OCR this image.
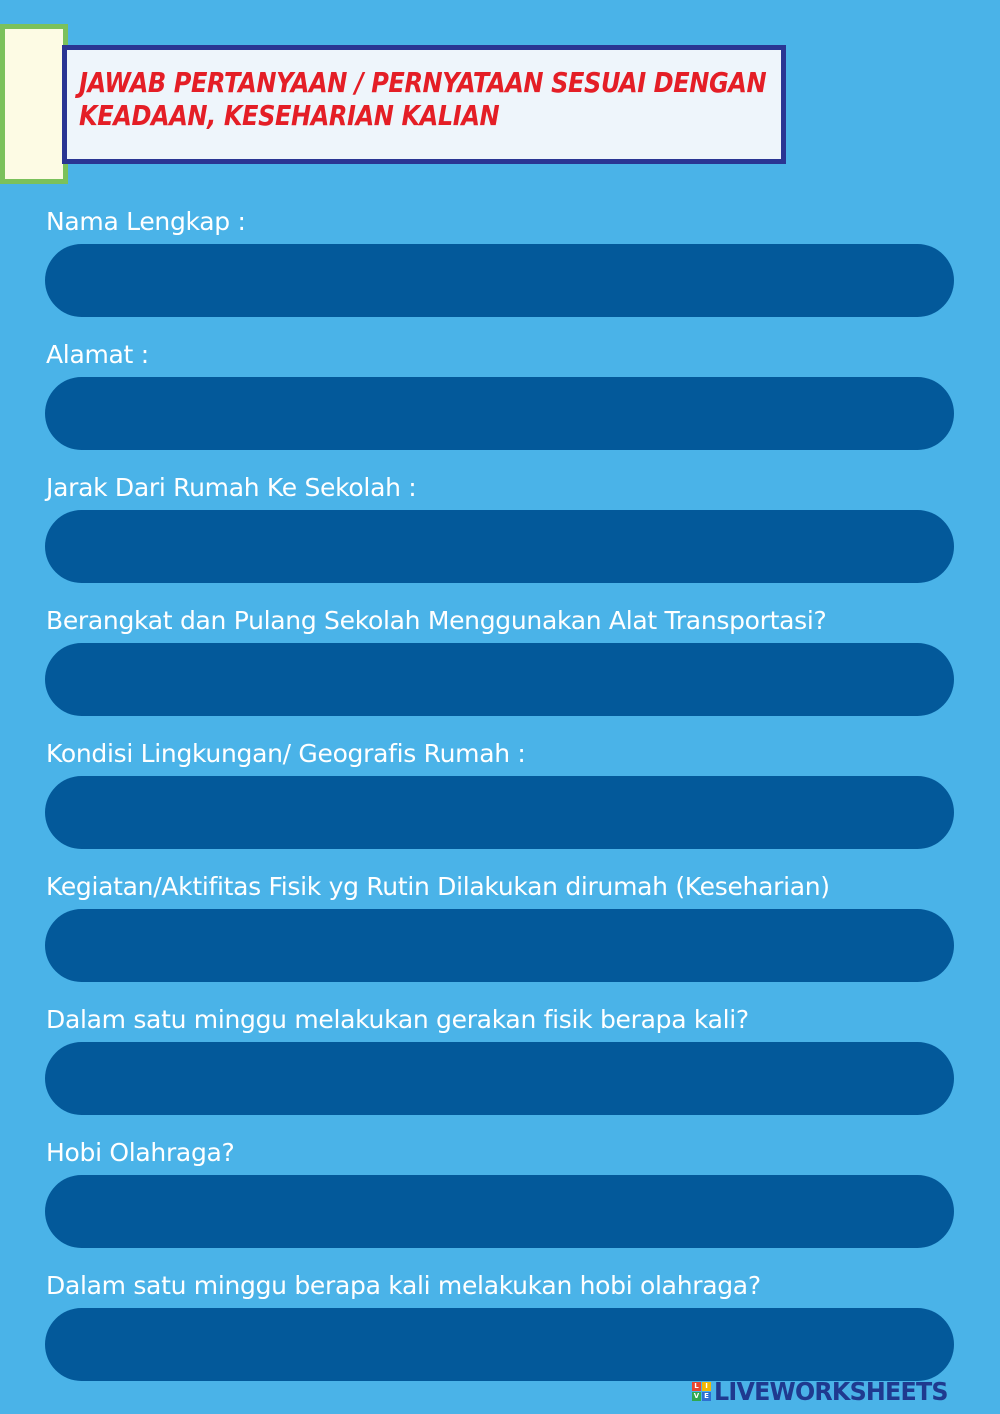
JAWAB PERTANYAAN / PERNYATAAN SESUAI DENGAN
KEADAAN, KESEHARIAN KALIAN
Nama Lengkap :
Alamat :
Jarak Dari Rumah Ke Sekolah :
Berangkat dan Pulang Sekolah Menggunakan Alat Transportasi?
Kondisi Lingkungan/ Geografis Rumah :
Kegiatan/Aktifitas Fisik yg Rutin Dilakukan dirumah (Keseharian)
Dalam satu minggu melakukan gerakan fisik berapa kali?
Hobi Olahraga?
Dalam satu minggu berapa kali melakukan hobi olahraga?
L I
V E LIVEWORKSHEETS
